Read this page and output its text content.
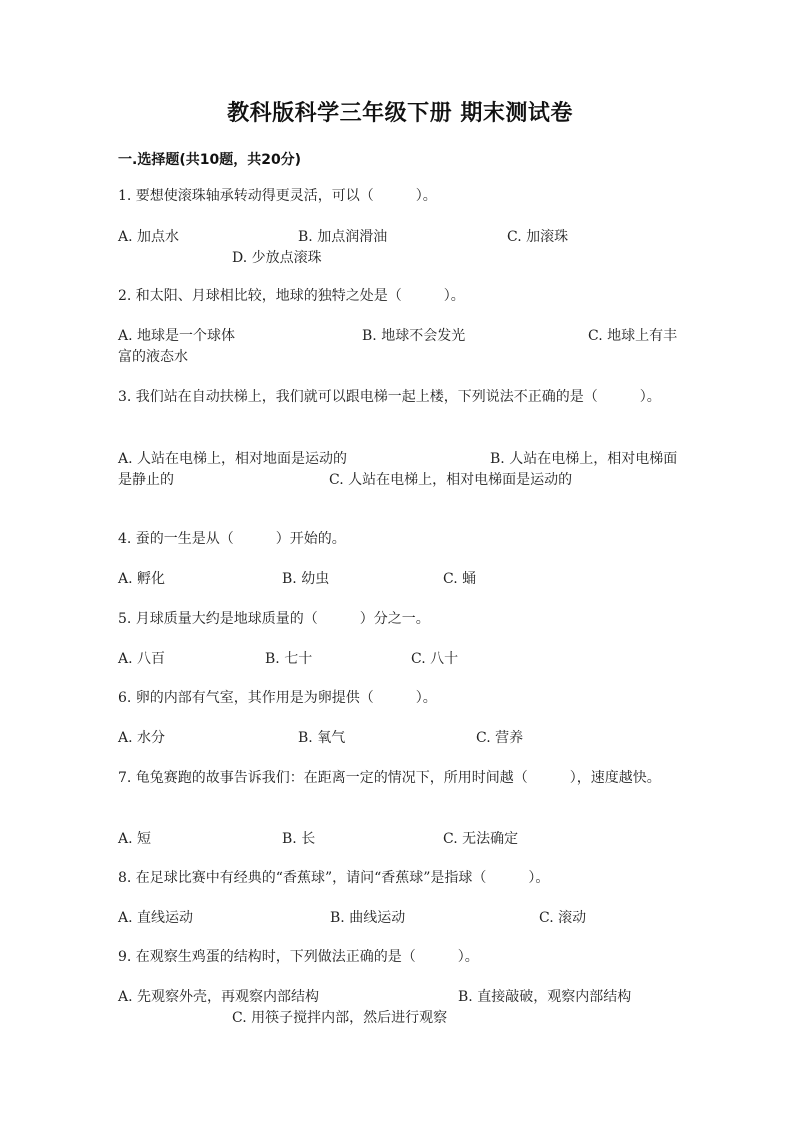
教科版科学三年级下册 期末测试卷
一.选择题(共10题，共20分)
1. 要想使滚珠轴承转动得更灵活，可以（　　　）。
A. 加点水	B. 加点润滑油	C. 加滚珠
D. 少放点滚珠
2. 和太阳、月球相比较，地球的独特之处是（　　　）。
A. 地球是一个球体	B. 地球不会发光	C. 地球上有丰富的液态水
3. 我们站在自动扶梯上，我们就可以跟电梯一起上楼，下列说法不正确的是（　　　）。
A. 人站在电梯上，相对地面是运动的	B. 人站在电梯上，相对电梯面是静止的	C. 人站在电梯上，相对电梯面是运动的
4. 蚕的一生是从（　　　）开始的。
A. 孵化	B. 幼虫	C. 蛹
5. 月球质量大约是地球质量的（　　　）分之一。
A. 八百	B. 七十	C. 八十
6. 卵的内部有气室，其作用是为卵提供（　　　）。
A. 水分	B. 氧气	C. 营养
7. 龟兔赛跑的故事告诉我们：在距离一定的情况下，所用时间越（　　　），速度越快。
A. 短	B. 长	C. 无法确定
8. 在足球比赛中有经典的“香蕉球”，请问“香蕉球”是指球（　　　）。
A. 直线运动	B. 曲线运动	C. 滚动
9. 在观察生鸡蛋的结构时，下列做法正确的是（　　　）。
A. 先观察外壳，再观察内部结构	B. 直接敲破，观察内部结构
C. 用筷子搅拌内部，然后进行观察
